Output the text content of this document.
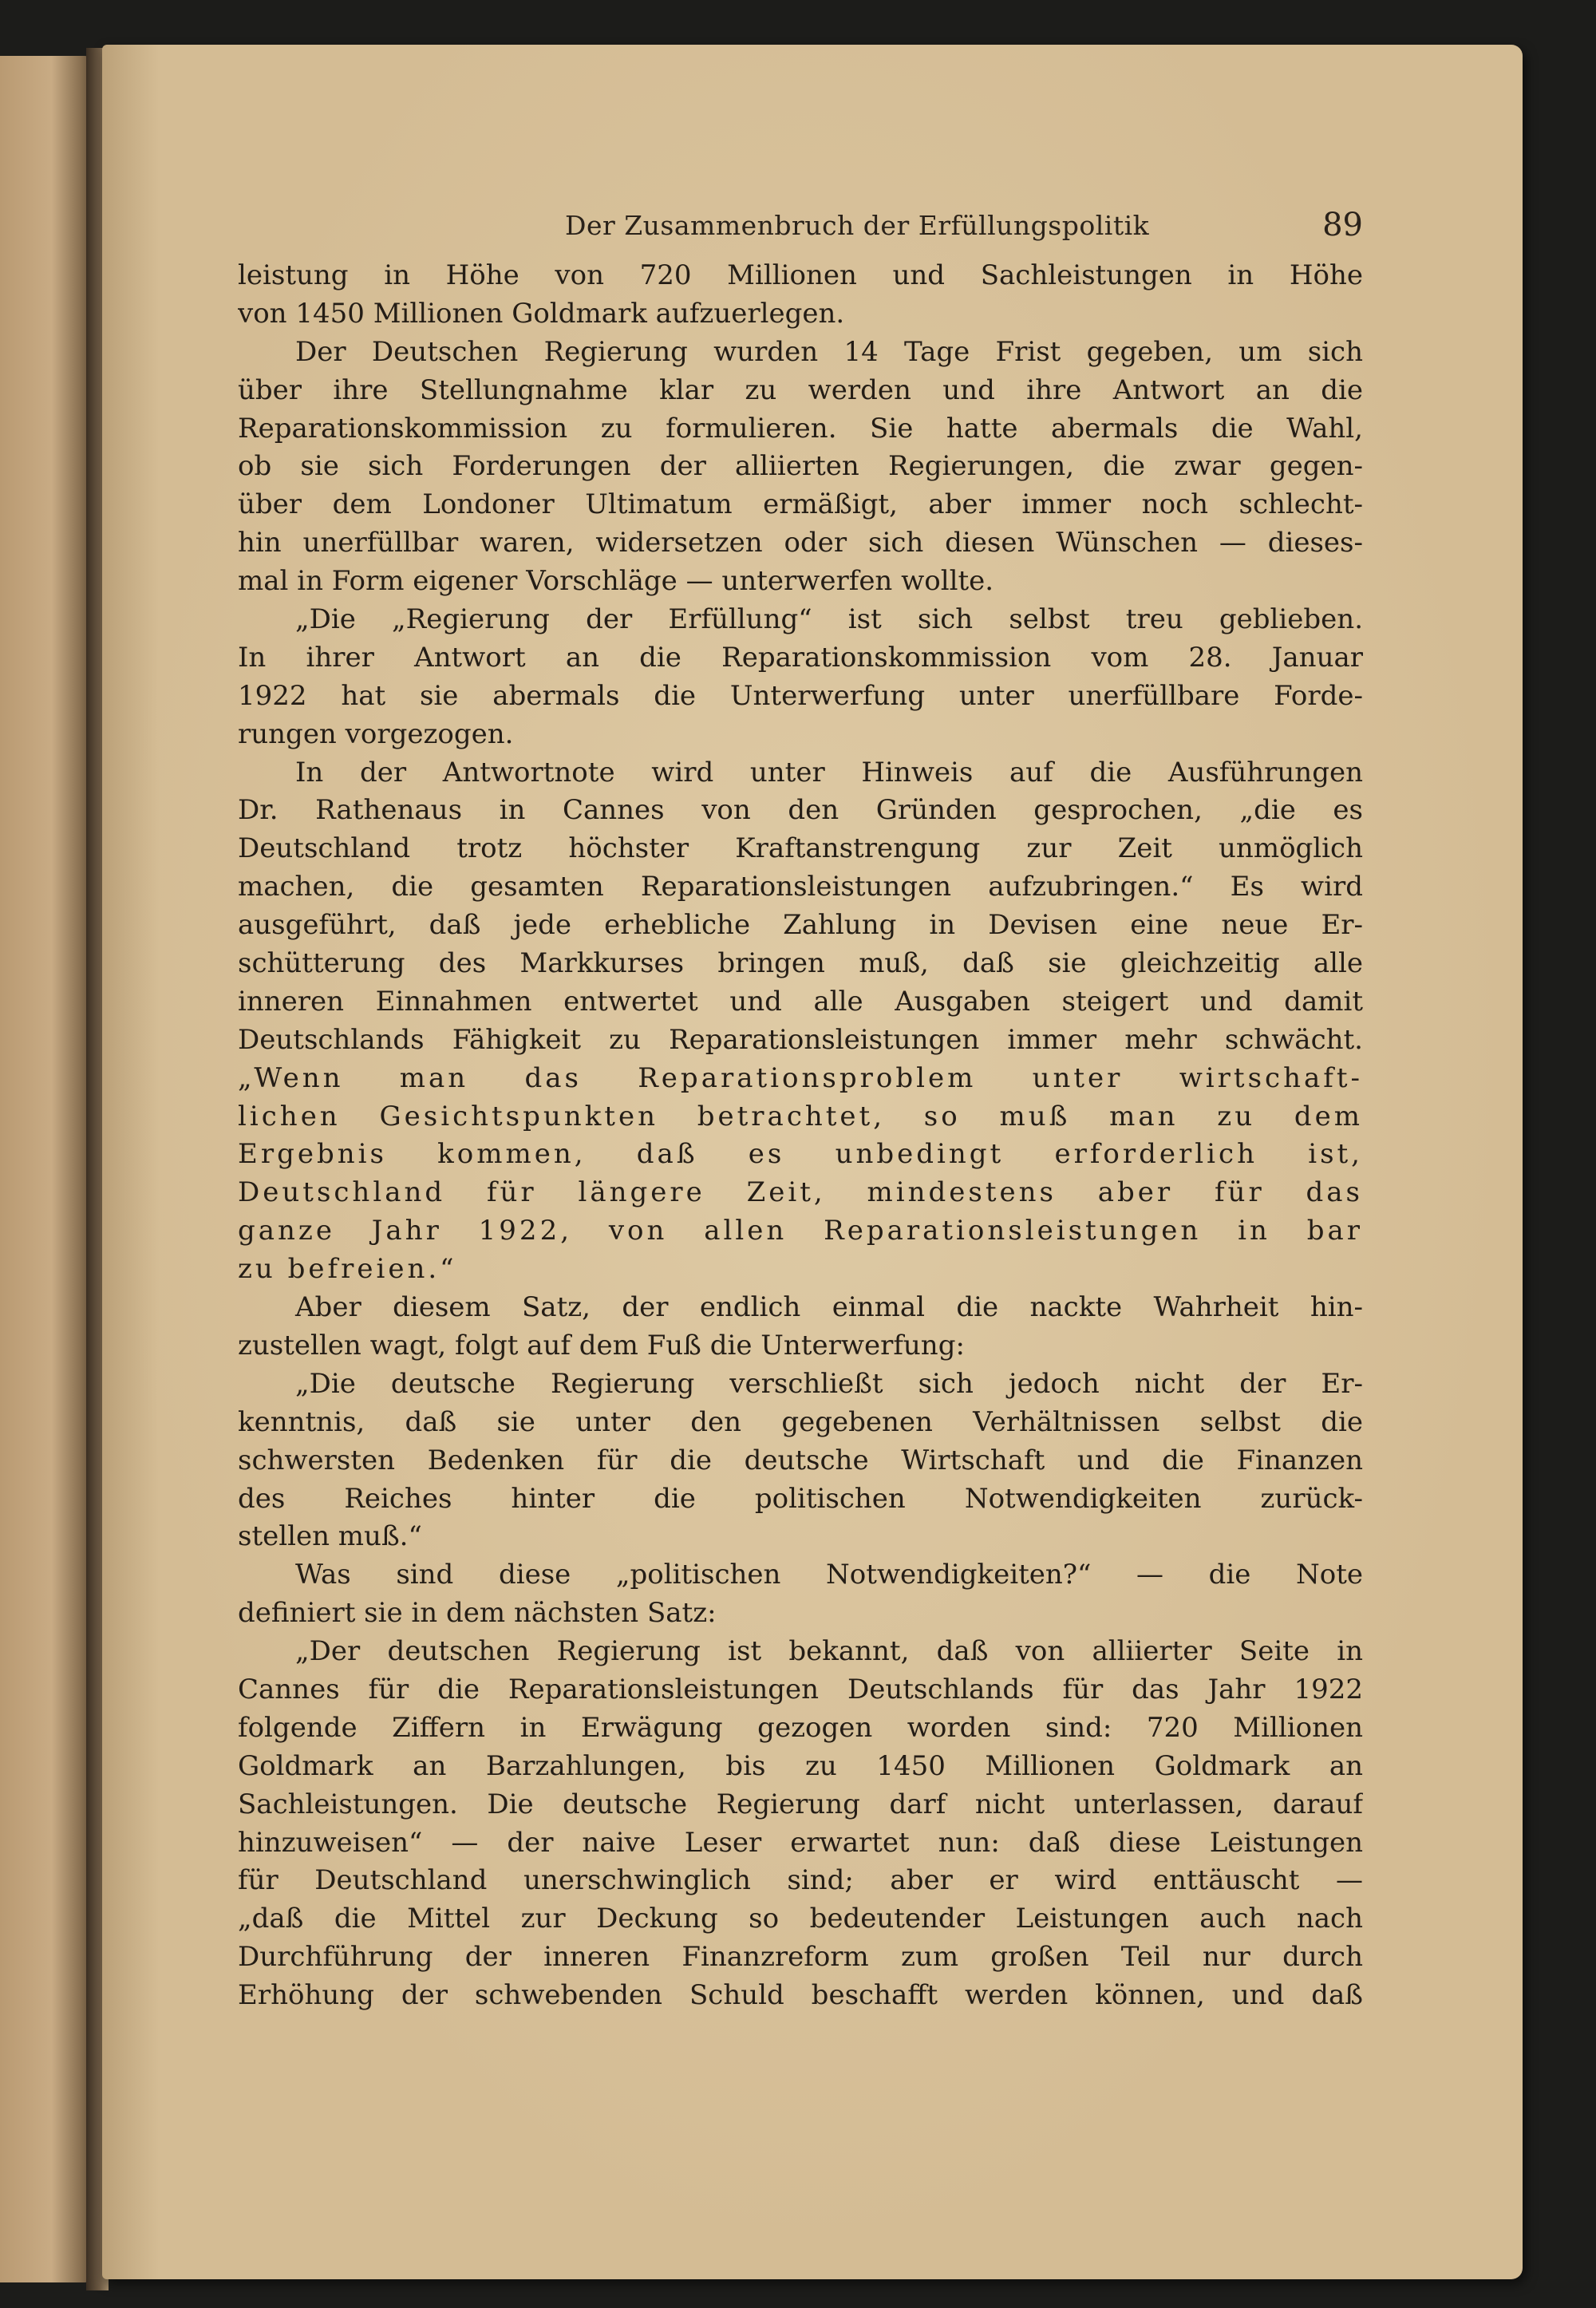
Der Zusammenbruch der Erfüllungspolitik	89
leistung in Höhe von 720 Millionen und Sachleistungen in Höhe
von 1450 Millionen Goldmark aufzuerlegen.
Der Deutschen Regierung wurden 14 Tage Frist gegeben, um sich
über ihre Stellungnahme klar zu werden und ihre Antwort an die
Reparationskommission zu formulieren. Sie hatte abermals die Wahl,
ob sie sich Forderungen der alliierten Regierungen, die zwar gegen-
über dem Londoner Ultimatum ermäßigt, aber immer noch schlecht-
hin unerfüllbar waren, widersetzen oder sich diesen Wünschen — dieses-
mal in Form eigener Vorschläge — unterwerfen wollte.
„Die „Regierung der Erfüllung“ ist sich selbst treu geblieben.
In ihrer Antwort an die Reparationskommission vom 28. Januar
1922 hat sie abermals die Unterwerfung unter unerfüllbare Forde-
rungen vorgezogen.
In der Antwortnote wird unter Hinweis auf die Ausführungen
Dr. Rathenaus in Cannes von den Gründen gesprochen, „die es
Deutschland trotz höchster Kraftanstrengung zur Zeit unmöglich
machen, die gesamten Reparationsleistungen aufzubringen.“ Es wird
ausgeführt, daß jede erhebliche Zahlung in Devisen eine neue Er-
schütterung des Markkurses bringen muß, daß sie gleichzeitig alle
inneren Einnahmen entwertet und alle Ausgaben steigert und damit
Deutschlands Fähigkeit zu Reparationsleistungen immer mehr schwächt.
„Wenn man das Reparationsproblem unter wirtschaft-
lichen Gesichtspunkten betrachtet, so muß man zu dem
Ergebnis kommen, daß es unbedingt erforderlich ist,
Deutschland für längere Zeit, mindestens aber für das
ganze Jahr 1922, von allen Reparationsleistungen in bar
zu befreien.“
Aber diesem Satz, der endlich einmal die nackte Wahrheit hin-
zustellen wagt, folgt auf dem Fuß die Unterwerfung:
„Die deutsche Regierung verschließt sich jedoch nicht der Er-
kenntnis, daß sie unter den gegebenen Verhältnissen selbst die
schwersten Bedenken für die deutsche Wirtschaft und die Finanzen
des Reiches hinter die politischen Notwendigkeiten zurück-
stellen muß.“
Was sind diese „politischen Notwendigkeiten?“ — die Note
definiert sie in dem nächsten Satz:
„Der deutschen Regierung ist bekannt, daß von alliierter Seite in
Cannes für die Reparationsleistungen Deutschlands für das Jahr 1922
folgende Ziffern in Erwägung gezogen worden sind: 720 Millionen
Goldmark an Barzahlungen, bis zu 1450 Millionen Goldmark an
Sachleistungen. Die deutsche Regierung darf nicht unterlassen, darauf
hinzuweisen“ — der naive Leser erwartet nun: daß diese Leistungen
für Deutschland unerschwinglich sind; aber er wird enttäuscht —
„daß die Mittel zur Deckung so bedeutender Leistungen auch nach
Durchführung der inneren Finanzreform zum großen Teil nur durch
Erhöhung der schwebenden Schuld beschafft werden können, und daß
